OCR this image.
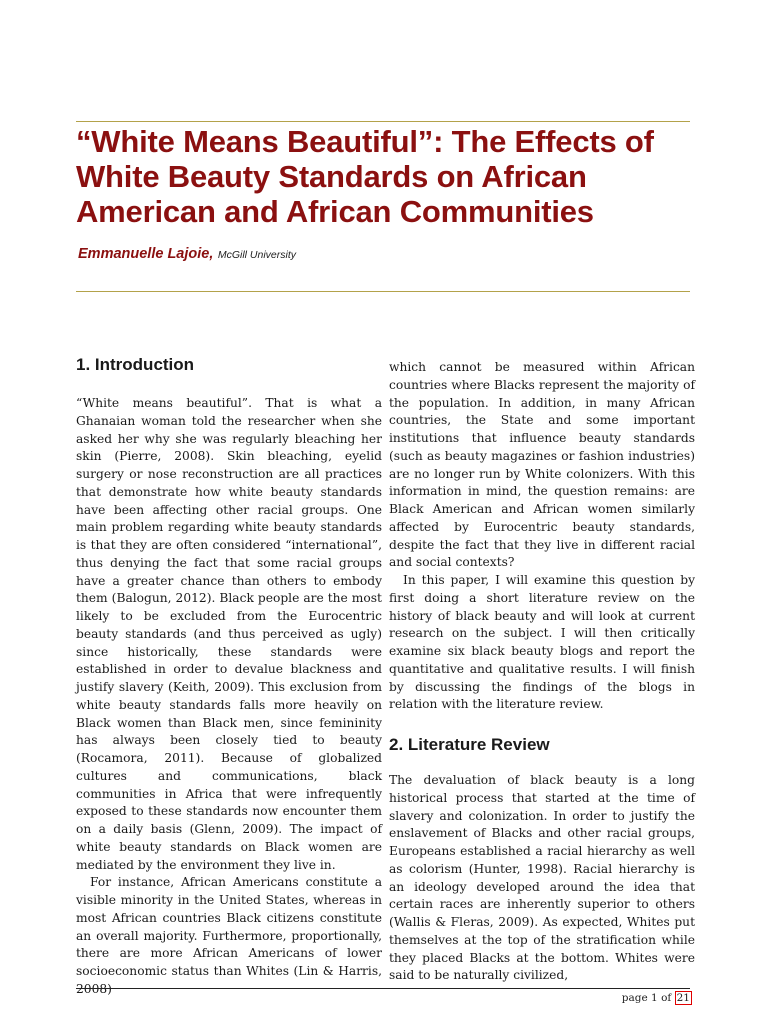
“White Means Beautiful”: The Effects of White Beauty Standards on African American and African Communities
Emmanuelle Lajoie, McGill University
1. Introduction

“White means beautiful”. That is what a Ghanaian woman told the researcher when she asked her why she was regularly bleaching her skin (Pierre, 2008). Skin bleaching, eyelid surgery or nose reconstruction are all practices that demonstrate how white beauty standards have been affecting other racial groups. One main problem regarding white beauty standards is that they are often considered “international”, thus denying the fact that some racial groups have a greater chance than others to embody them (Balogun, 2012). Black people are the most likely to be excluded from the Eurocentric beauty standards (and thus perceived as ugly) since historically, these standards were established in order to devalue blackness and justify slavery (Keith, 2009). This exclusion from white beauty standards falls more heavily on Black women than Black men, since femininity has always been closely tied to beauty (Rocamora, 2011). Because of globalized cultures and communications, black communities in Africa that were infrequently exposed to these standards now encounter them on a daily basis (Glenn, 2009). The impact of white beauty standards on Black women are mediated by the environment they live in.

For instance, African Americans constitute a visible minority in the United States, whereas in most African countries Black citizens constitute an overall majority. Furthermore, proportionally, there are more African Americans of lower socioeconomic status than Whites (Lin & Harris, 2008)

which cannot be measured within African countries where Blacks represent the majority of the population. In addition, in many African countries, the State and some important institutions that influence beauty standards (such as beauty magazines or fashion industries) are no longer run by White colonizers. With this information in mind, the question remains: are Black American and African women similarly affected by Eurocentric beauty standards, despite the fact that they live in different racial and social contexts?

In this paper, I will examine this question by first doing a short literature review on the history of black beauty and will look at current research on the subject. I will then critically examine six black beauty blogs and report the quantitative and qualitative results. I will finish by discussing the findings of the blogs in relation with the literature review.

2. Literature Review

The devaluation of black beauty is a long historical process that started at the time of slavery and colonization. In order to justify the enslavement of Blacks and other racial groups, Europeans established a racial hierarchy as well as colorism (Hunter, 1998). Racial hierarchy is an ideology developed around the idea that certain races are inherently superior to others (Wallis & Fleras, 2009). As expected, Whites put themselves at the top of the stratification while they placed Blacks at the bottom. Whites were said to be naturally civilized,

page 1 of 21
